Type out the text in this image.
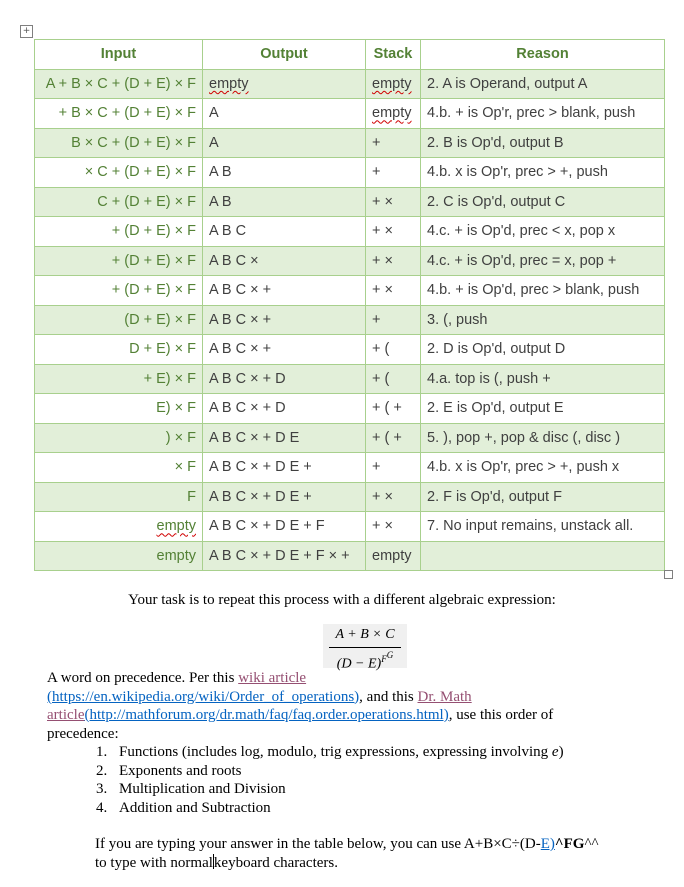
+
Input	Output	Stack	Reason
A + B × C + (D + E) × F	empty	empty	2. A is Operand, output A
+ B × C + (D + E) × F	A	empty	4.b. + is Op'r, prec > blank, push
B × C + (D + E) × F	A	+	2. B is Op'd, output B
× C + (D + E) × F	A B	+	4.b. x is Op'r, prec > +, push
C + (D + E) × F	A B	+ ×	2. C is Op'd, output C
+ (D + E) × F	A B C	+ ×	4.c. + is Op'd, prec < x, pop x
+ (D + E) × F	A B C ×	+ ×	4.c. + is Op'd, prec = x, pop +
+ (D + E) × F	A B C × +	+ ×	4.b. + is Op'd, prec > blank, push
(D + E) × F	A B C × +	+	3. (, push
D + E) × F	A B C × +	+ (	2. D is Op'd, output D
+ E) × F	A B C × + D	+ (	4.a. top is (, push +
E) × F	A B C × + D	+ ( +	2. E is Op'd, output E
) × F	A B C × + D E	+ ( +	5. ), pop +, pop & disc (, disc )
× F	A B C × + D E +	+	4.b. x is Op'r, prec > +, push x
F	A B C × + D E +	+ ×	2. F is Op'd, output F
empty	A B C × + D E + F	+ ×	7. No input remains, unstack all.
empty	A B C × + D E + F × +	empty	
Your task is to repeat this process with a different algebraic expression:
A + B × C
$(D - E)^{F^G}$
A word on precedence. Per this wiki article
(https://en.wikipedia.org/wiki/Order_of_operations), and this Dr. Math
article(http://mathforum.org/dr.math/faq/faq.order.operations.html), use this order of precedence:
1. Functions (includes log, modulo, trig expressions, expressing involving e)
2. Exponents and roots
3. Multiplication and Division
4. Addition and Subtraction
If you are typing your answer in the table below, you can use A+B×C÷(D-E)^FG^^
to type with normalkeyboard characters.
